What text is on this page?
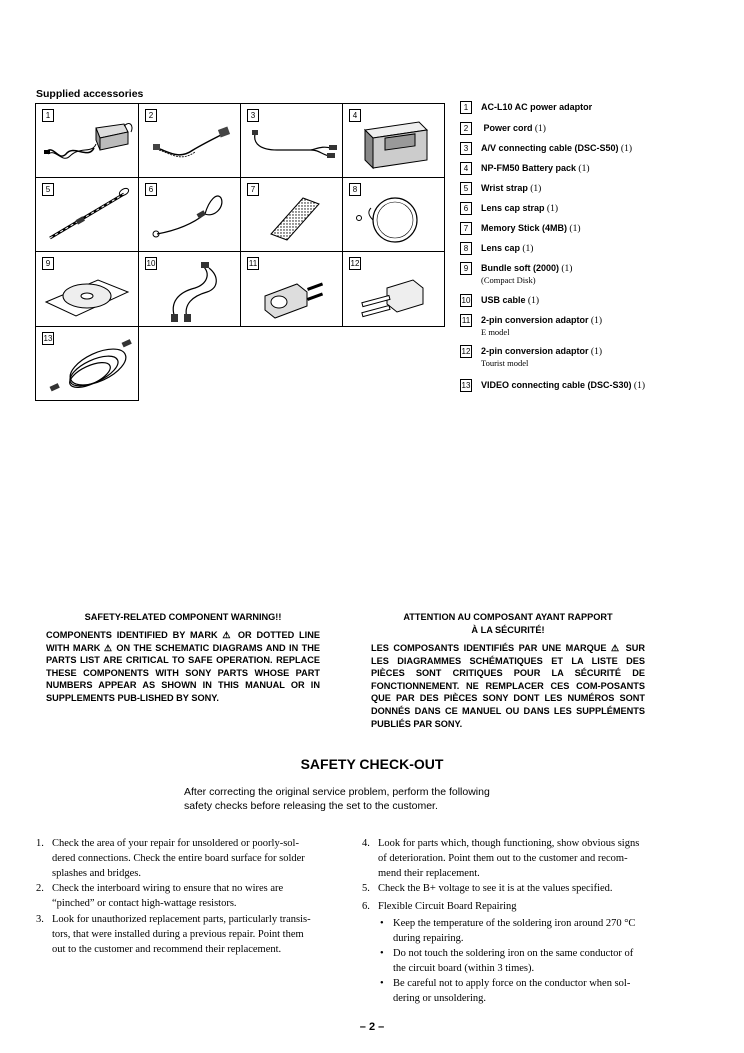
Supplied accessories
1	2	3	4
5	6	7	8
9	10	11	12
13
1	AC-L10 AC power adaptor
2	Power cord (1)
3	A/V connecting cable (DSC-S50) (1)
4	NP-FM50 Battery pack (1)
5	Wrist strap (1)
6	Lens cap strap (1)
7	Memory Stick (4MB) (1)
8	Lens cap (1)
9	Bundle soft (2000) (1)
(Compact Disk)
10 USB cable (1)
11 2-pin conversion adaptor (1)
E model
12 2-pin conversion adaptor (1)
Tourist model
13 VIDEO connecting cable (DSC-S30) (1)
SAFETY-RELATED COMPONENT WARNING!!
COMPONENTS IDENTIFIED BY MARK ⚠ OR DOTTED LINE WITH MARK ⚠ ON THE SCHEMATIC DIAGRAMS AND IN THE PARTS LIST ARE CRITICAL TO SAFE OPERATION. REPLACE THESE COMPONENTS WITH SONY PARTS WHOSE PART NUMBERS APPEAR AS SHOWN IN THIS MANUAL OR IN SUPPLEMENTS PUB-LISHED BY SONY.
ATTENTION AU COMPOSANT AYANT RAPPORT
À LA SÉCURITÉ!
LES COMPOSANTS IDENTIFIÉS PAR UNE MARQUE ⚠ SUR LES DIAGRAMMES SCHÉMATIQUES ET LA LISTE DES PIÈCES SONT CRITIQUES POUR LA SÉCURITÉ DE FONCTIONNEMENT. NE REMPLACER CES COM-POSANTS QUE PAR DES PIÈCES SONY DONT LES NUMÉROS SONT DONNÉS DANS CE MANUEL OU DANS LES SUPPLÉMENTS PUBLIÉS PAR SONY.
SAFETY CHECK-OUT
After correcting the original service problem, perform the following
safety checks before releasing the set to the customer.
1. Check the area of your repair for unsoldered or poorly-sol-
dered connections. Check the entire board surface for solder
splashes and bridges.
2. Check the interboard wiring to ensure that no wires are
“pinched” or contact high-wattage resistors.
3. Look for unauthorized replacement parts, particularly transis-
tors, that were installed during a previous repair. Point them
out to the customer and recommend their replacement.
4. Look for parts which, though functioning, show obvious signs
of deterioration. Point them out to the customer and recom-
mend their replacement.
5. Check the B+ voltage to see it is at the values specified.
6. Flexible Circuit Board Repairing
• Keep the temperature of the soldering iron around 270 °C
during repairing.
• Do not touch the soldering iron on the same conductor of
the circuit board (within 3 times).
• Be careful not to apply force on the conductor when sol-
dering or unsoldering.
– 2 –
